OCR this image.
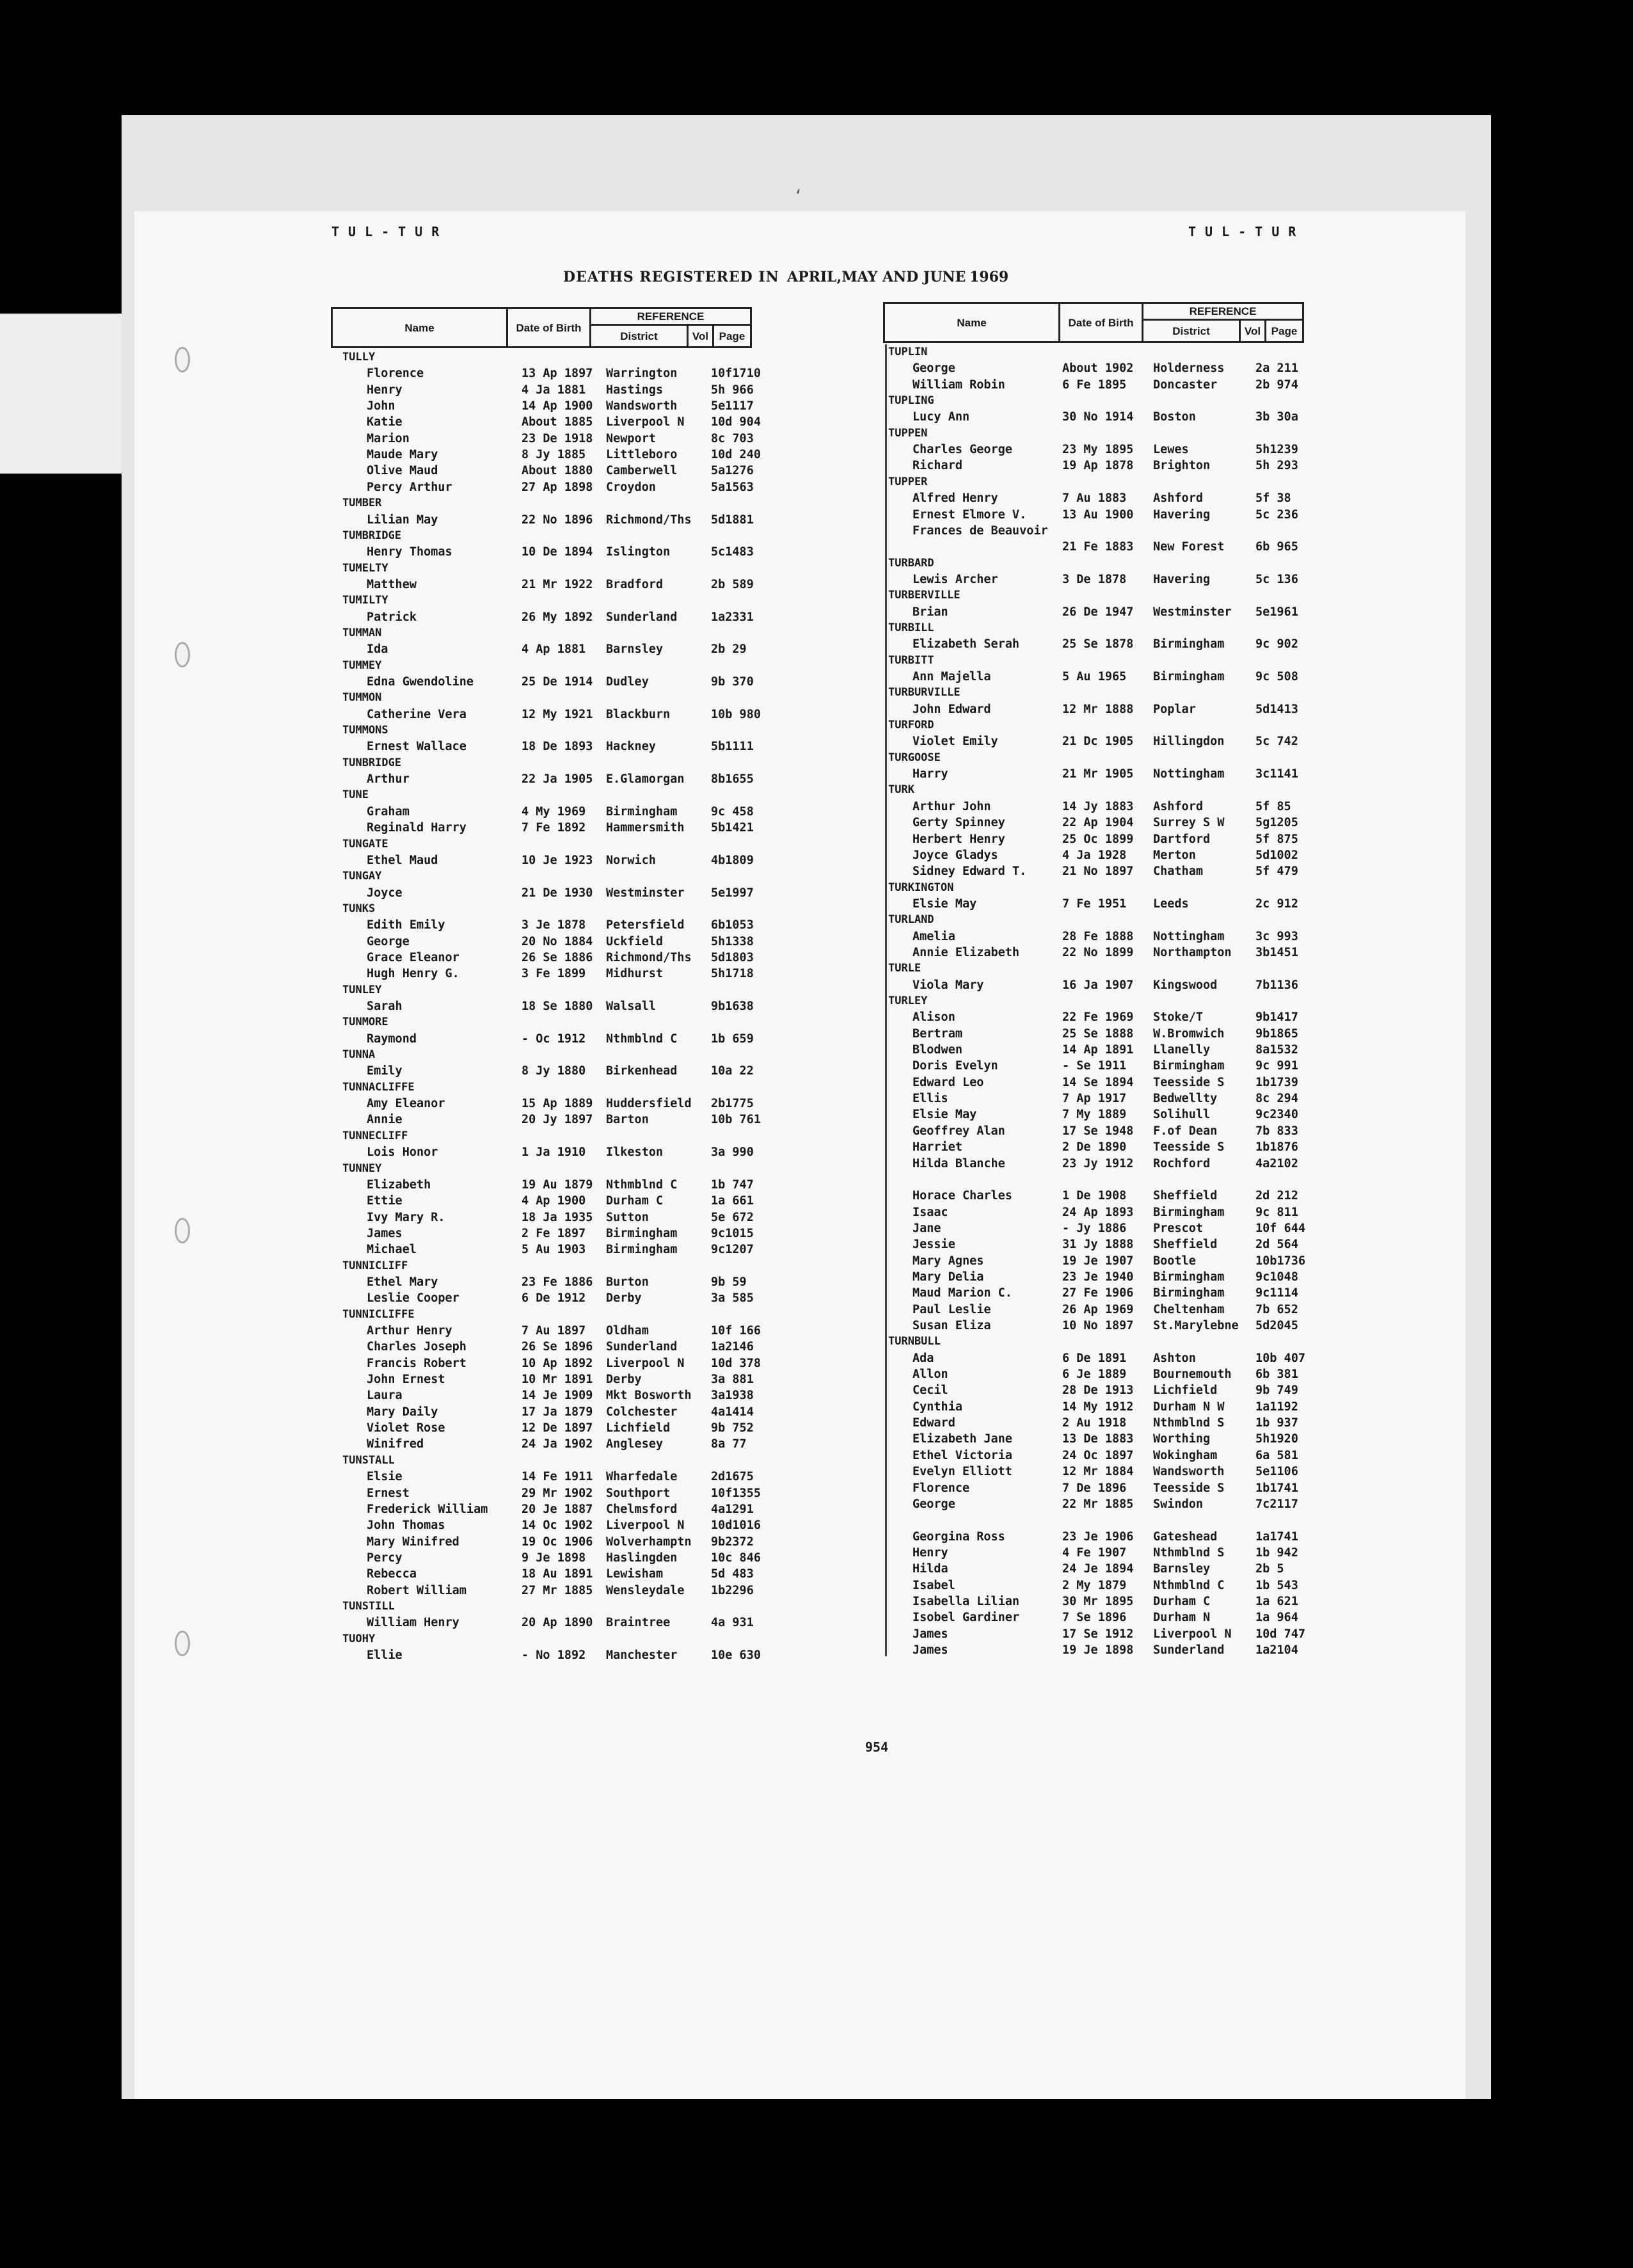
ʻ
TUL-TUR	TUL-TUR
DEATHS REGISTERED IN APRIL,MAY AND JUNE 1969
Name	Date of Birth
REFERENCE
District	Vol Page
Name	Date of Birth
REFERENCE
District	Vol Page
TULLY
Florence	13 Ap 1897 Warrington	10f1710
Henry	4 Ja 1881 Hastings	5h 966
John	14 Ap 1900 Wandsworth	5e1117
Katie	About 1885 Liverpool N 10d 904
Marion	23 De 1918 Newport	8c 703
Maude Mary	8 Jy 1885 Littleboro	10d 240
Olive Maud	About 1880 Camberwell	5a1276
Percy Arthur	27 Ap 1898 Croydon	5a1563
TUMBER
Lilian May	22 No 1896 Richmond/Ths 5d1881
TUMBRIDGE
Henry Thomas	10 De 1894 Islington	5c1483
TUMELTY
Matthew	21 Mr 1922 Bradford	2b 589
TUMILTY
Patrick	26 My 1892 Sunderland	1a2331
TUMMAN
Ida	4 Ap 1881 Barnsley	2b 29
TUMMEY
Edna Gwendoline	25 De 1914 Dudley	9b 370
TUMMON
Catherine Vera	12 My 1921 Blackburn	10b 980
TUMMONS
Ernest Wallace	18 De 1893 Hackney	5b1111
TUNBRIDGE
Arthur	22 Ja 1905 E.Glamorgan 8b1655
TUNE
Graham	4 My 1969 Birmingham	9c 458
Reginald Harry	7 Fe 1892 Hammersmith 5b1421
TUNGATE
Ethel Maud	10 Je 1923 Norwich	4b1809
TUNGAY
Joyce	21 De 1930 Westminster 5e1997
TUNKS
Edith Emily	3 Je 1878 Petersfield 6b1053
George	20 No 1884 Uckfield	5h1338
Grace Eleanor	26 Se 1886 Richmond/Ths 5d1803
Hugh Henry G.	3 Fe 1899 Midhurst	5h1718
TUNLEY
Sarah	18 Se 1880 Walsall	9b1638
TUNMORE
Raymond	- Oc 1912 Nthmblnd C	1b 659
TUNNA
Emily	8 Jy 1880 Birkenhead	10a 22
TUNNACLIFFE
Amy Eleanor	15 Ap 1889 Huddersfield 2b1775
Annie	20 Jy 1897 Barton	10b 761
TUNNECLIFF
Lois Honor	1 Ja 1910 Ilkeston	3a 990
TUNNEY
Elizabeth	19 Au 1879 Nthmblnd C	1b 747
Ettie	4 Ap 1900 Durham C	1a 661
Ivy Mary R.	18 Ja 1935 Sutton	5e 672
James	2 Fe 1897 Birmingham	9c1015
Michael	5 Au 1903 Birmingham	9c1207
TUNNICLIFF
Ethel Mary	23 Fe 1886 Burton	9b 59
Leslie Cooper	6 De 1912 Derby	3a 585
TUNNICLIFFE
Arthur Henry	7 Au 1897 Oldham	10f 166
Charles Joseph	26 Se 1896 Sunderland	1a2146
Francis Robert	10 Ap 1892 Liverpool N 10d 378
John Ernest	10 Mr 1891 Derby	3a 881
Laura	14 Je 1909 Mkt Bosworth 3a1938
Mary Daily	17 Ja 1879 Colchester	4a1414
Violet Rose	12 De 1897 Lichfield	9b 752
Winifred	24 Ja 1902 Anglesey	8a 77
TUNSTALL
Elsie	14 Fe 1911 Wharfedale	2d1675
Ernest	29 Mr 1902 Southport	10f1355
Frederick William	20 Je 1887 Chelmsford	4a1291
John Thomas	14 Oc 1902 Liverpool N 10d1016
Mary Winifred	19 Oc 1906 Wolverhamptn 9b2372
Percy	9 Je 1898 Haslingden	10c 846
Rebecca	18 Au 1891 Lewisham	5d 483
Robert William	27 Mr 1885 Wensleydale 1b2296
TUNSTILL
William Henry	20 Ap 1890 Braintree	4a 931
TUOHY
Ellie	- No 1892 Manchester	10e 630
TUPLIN
George	About 1902 Holderness	2a 211
William Robin	6 Fe 1895 Doncaster	2b 974
TUPLING
Lucy Ann	30 No 1914 Boston	3b 30a
TUPPEN
Charles George	23 My 1895 Lewes	5h1239
Richard	19 Ap 1878 Brighton	5h 293
TUPPER
Alfred Henry	7 Au 1883 Ashford	5f 38
Ernest Elmore V.	13 Au 1900 Havering	5c 236
Frances de Beauvoir
21 Fe 1883 New Forest	6b 965
TURBARD
Lewis Archer	3 De 1878 Havering	5c 136
TURBERVILLE
Brian	26 De 1947 Westminster 5e1961
TURBILL
Elizabeth Serah	25 Se 1878 Birmingham	9c 902
TURBITT
Ann Majella	5 Au 1965 Birmingham	9c 508
TURBURVILLE
John Edward	12 Mr 1888 Poplar	5d1413
TURFORD
Violet Emily	21 Dc 1905 Hillingdon	5c 742
TURGOOSE
Harry	21 Mr 1905 Nottingham	3c1141
TURK
Arthur John	14 Jy 1883 Ashford	5f 85
Gerty Spinney	22 Ap 1904 Surrey S W	5g1205
Herbert Henry	25 Oc 1899 Dartford	5f 875
Joyce Gladys	4 Ja 1928 Merton	5d1002
Sidney Edward T.	21 No 1897 Chatham	5f 479
TURKINGTON
Elsie May	7 Fe 1951 Leeds	2c 912
TURLAND
Amelia	28 Fe 1888 Nottingham	3c 993
Annie Elizabeth	22 No 1899 Northampton 3b1451
TURLE
Viola Mary	16 Ja 1907 Kingswood	7b1136
TURLEY
Alison	22 Fe 1969 Stoke/T	9b1417
Bertram	25 Se 1888 W.Bromwich	9b1865
Blodwen	14 Ap 1891 Llanelly	8a1532
Doris Evelyn	- Se 1911 Birmingham	9c 991
Edward Leo	14 Se 1894 Teesside S	1b1739
Ellis	7 Ap 1917 Bedwellty	8c 294
Elsie May	7 My 1889 Solihull	9c2340
Geoffrey Alan	17 Se 1948 F.of Dean	7b 833
Harriet	2 De 1890 Teesside S	1b1876
Hilda Blanche	23 Jy 1912 Rochford	4a2102
Horace Charles	1 De 1908 Sheffield	2d 212
Isaac	24 Ap 1893 Birmingham	9c 811
Jane	- Jy 1886 Prescot	10f 644
Jessie	31 Jy 1888 Sheffield	2d 564
Mary Agnes	19 Je 1907 Bootle	10b1736
Mary Delia	23 Je 1940 Birmingham	9c1048
Maud Marion C.	27 Fe 1906 Birmingham	9c1114
Paul Leslie	26 Ap 1969 Cheltenham	7b 652
Susan Eliza	10 No 1897 St.Marylebne 5d2045
TURNBULL
Ada	6 De 1891 Ashton	10b 407
Allon	6 Je 1889 Bournemouth 6b 381
Cecil	28 De 1913 Lichfield	9b 749
Cynthia	14 My 1912 Durham N W	1a1192
Edward	2 Au 1918 Nthmblnd S	1b 937
Elizabeth Jane	13 De 1883 Worthing	5h1920
Ethel Victoria	24 Oc 1897 Wokingham	6a 581
Evelyn Elliott	12 Mr 1884 Wandsworth	5e1106
Florence	7 De 1896 Teesside S	1b1741
George	22 Mr 1885 Swindon	7c2117
Georgina Ross	23 Je 1906 Gateshead	1a1741
Henry	4 Fe 1907 Nthmblnd S	1b 942
Hilda	24 Je 1894 Barnsley	2b 5
Isabel	2 My 1879 Nthmblnd C	1b 543
Isabella Lilian	30 Mr 1895 Durham C	1a 621
Isobel Gardiner	7 Se 1896 Durham N	1a 964
James	17 Se 1912 Liverpool N 10d 747
James	19 Je 1898 Sunderland	1a2104
954
